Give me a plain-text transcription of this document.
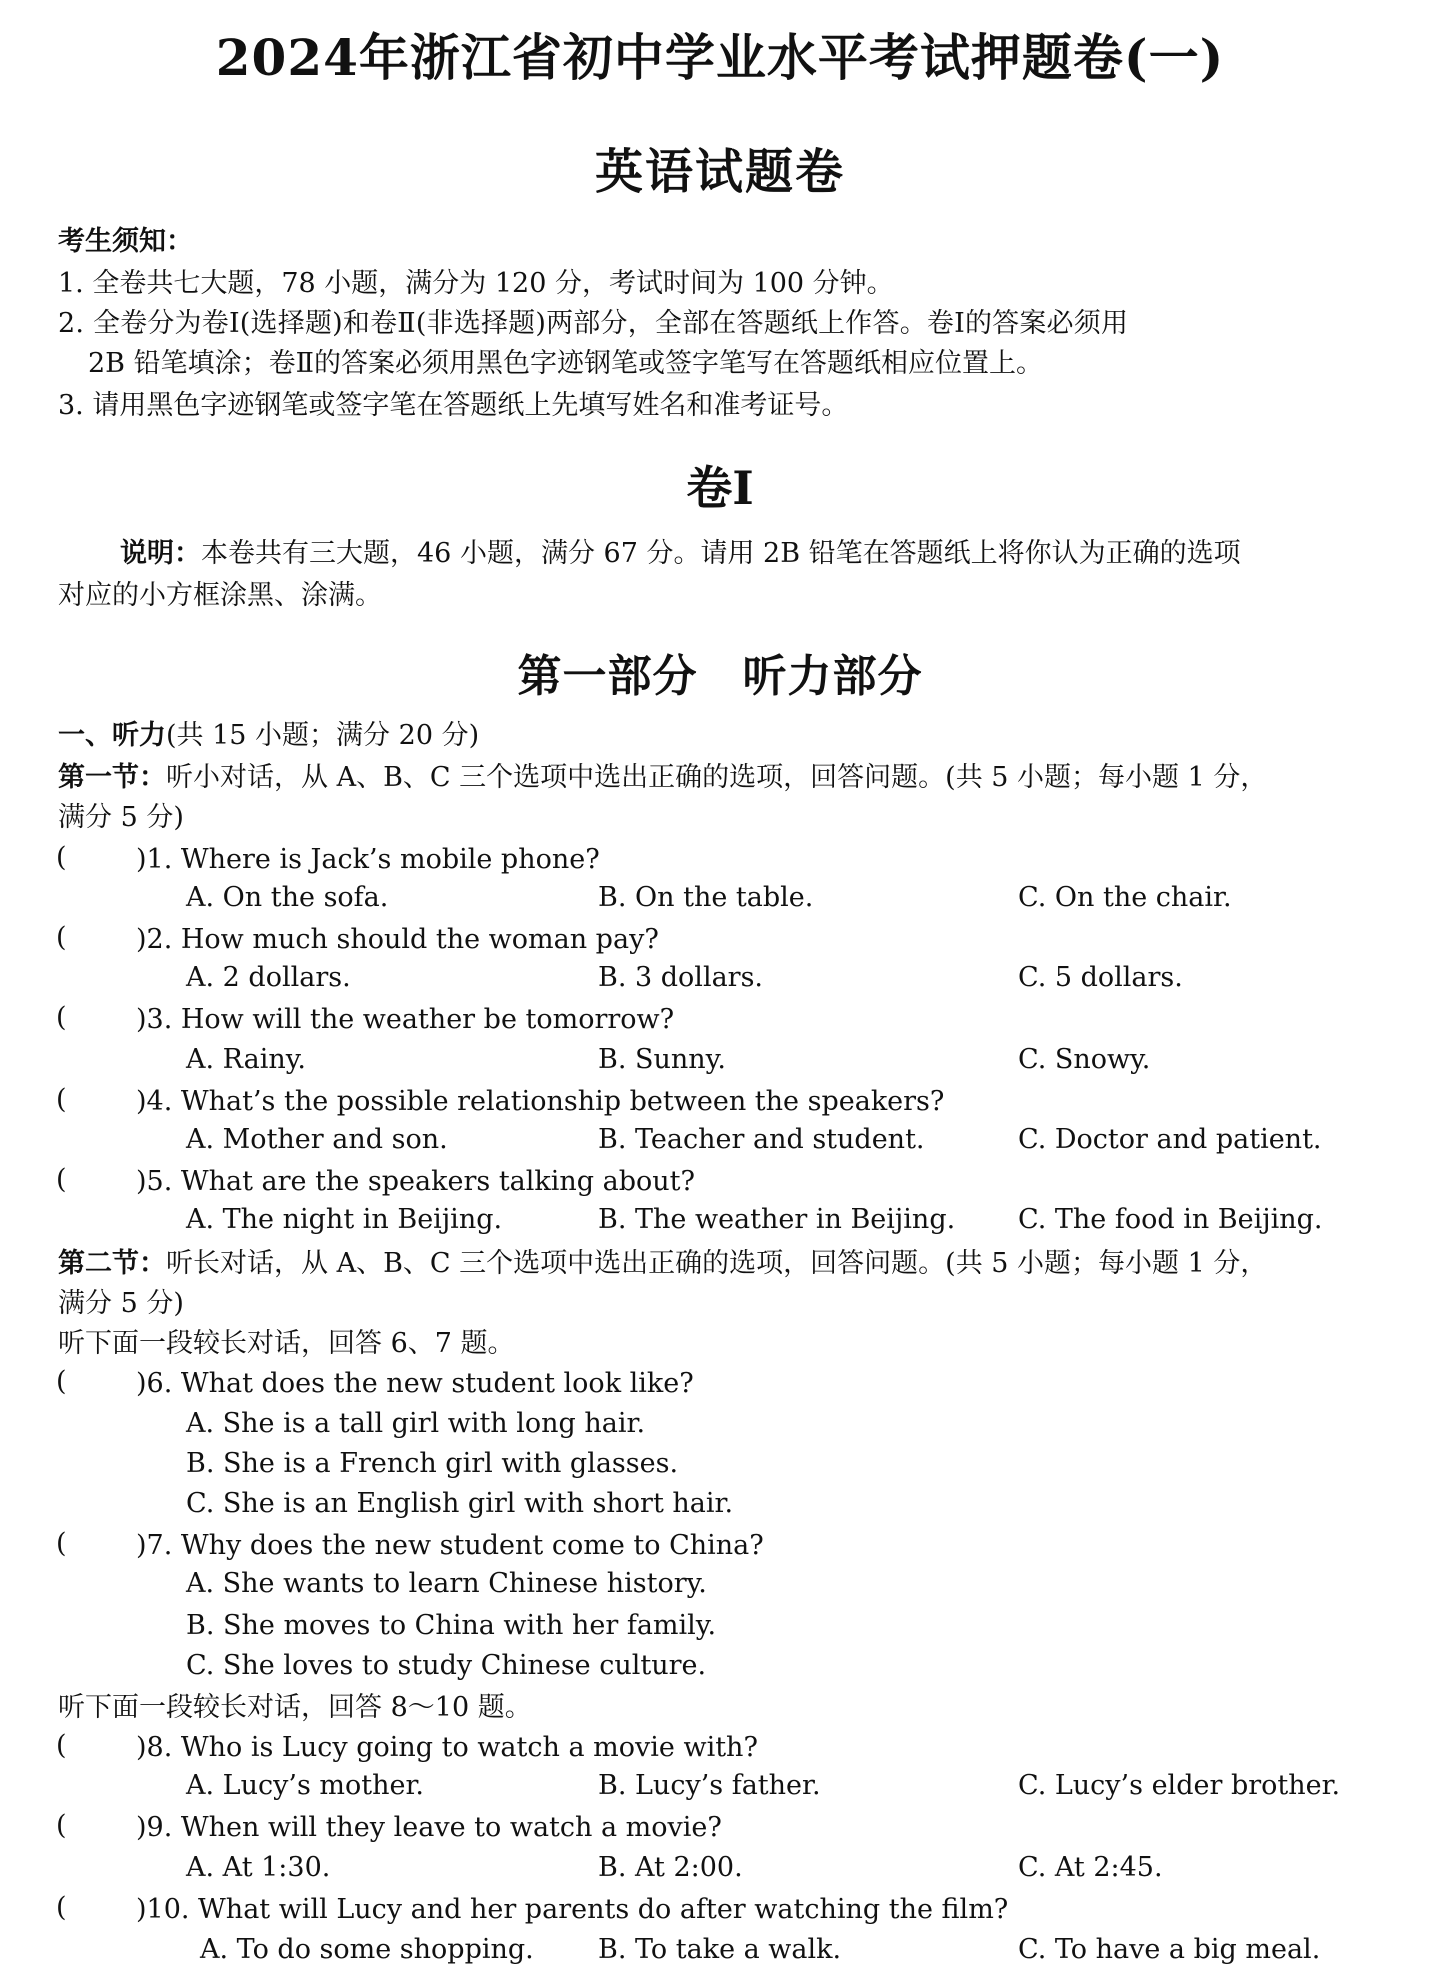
2024年浙江省初中学业水平考试押题卷(一)
英语试题卷
考生须知：
1. 全卷共七大题，78 小题，满分为 120 分，考试时间为 100 分钟。
2. 全卷分为卷Ⅰ(选择题)和卷Ⅱ(非选择题)两部分，全部在答题纸上作答。卷Ⅰ的答案必须用
2B 铅笔填涂；卷Ⅱ的答案必须用黑色字迹钢笔或签字笔写在答题纸相应位置上。
3. 请用黑色字迹钢笔或签字笔在答题纸上先填写姓名和准考证号。
卷Ⅰ
说明：本卷共有三大题，46 小题，满分 67 分。请用 2B 铅笔在答题纸上将你认为正确的选项
对应的小方框涂黑、涂满。
第一部分　听力部分
一、听力(共 15 小题；满分 20 分)
第一节：听小对话，从 A、B、C 三个选项中选出正确的选项，回答问题。(共 5 小题；每小题 1 分，
满分 5 分)
(	)1. Where is Jack’s mobile phone?
A. On the sofa.	B. On the table.	C. On the chair.
(	)2. How much should the woman pay?
A. 2 dollars.	B. 3 dollars.	C. 5 dollars.
(	)3. How will the weather be tomorrow?
A. Rainy.	B. Sunny.	C. Snowy.
(	)4. What’s the possible relationship between the speakers?
A. Mother and son.	B. Teacher and student.	C. Doctor and patient.
(	)5. What are the speakers talking about?
A. The night in Beijing.	B. The weather in Beijing. C. The food in Beijing.
第二节：听长对话，从 A、B、C 三个选项中选出正确的选项，回答问题。(共 5 小题；每小题 1 分，
满分 5 分)
听下面一段较长对话，回答 6、7 题。
(	)6. What does the new student look like?
A. She is a tall girl with long hair.
B. She is a French girl with glasses.
C. She is an English girl with short hair.
(	)7. Why does the new student come to China?
A. She wants to learn Chinese history.
B. She moves to China with her family.
C. She loves to study Chinese culture.
听下面一段较长对话，回答 8～10 题。
(	)8. Who is Lucy going to watch a movie with?
A. Lucy’s mother.	B. Lucy’s father.	C. Lucy’s elder brother.
(	)9. When will they leave to watch a movie?
A. At 1:30.	B. At 2:00.	C. At 2:45.
(	)10. What will Lucy and her parents do after watching the film?
A. To do some shopping. B. To take a walk.	C. To have a big meal.
